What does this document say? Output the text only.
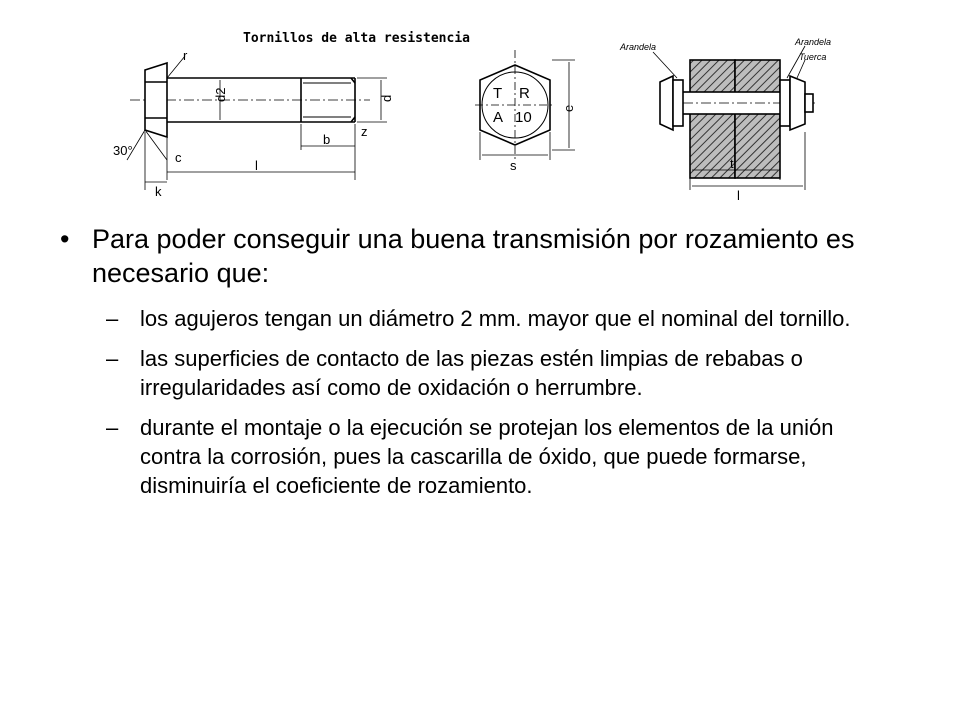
Tornillos de alta resistencia
r
d2	d
z
b
30°	c
l
k
T R
A 10
e
s
Arandela	Arandela
Tuerca
t
l
• Para poder conseguir una buena transmisión por rozamiento es necesario que:
– los agujeros tengan un diámetro 2 mm. mayor que el nominal del tornillo.
– las superficies de contacto de las piezas estén limpias de rebabas o irregularidades así como de oxidación o herrumbre.
– durante el montaje o la ejecución se protejan los elementos de la unión contra la corrosión, pues la cascarilla de óxido, que puede formarse, disminuiría el coeficiente de rozamiento.
